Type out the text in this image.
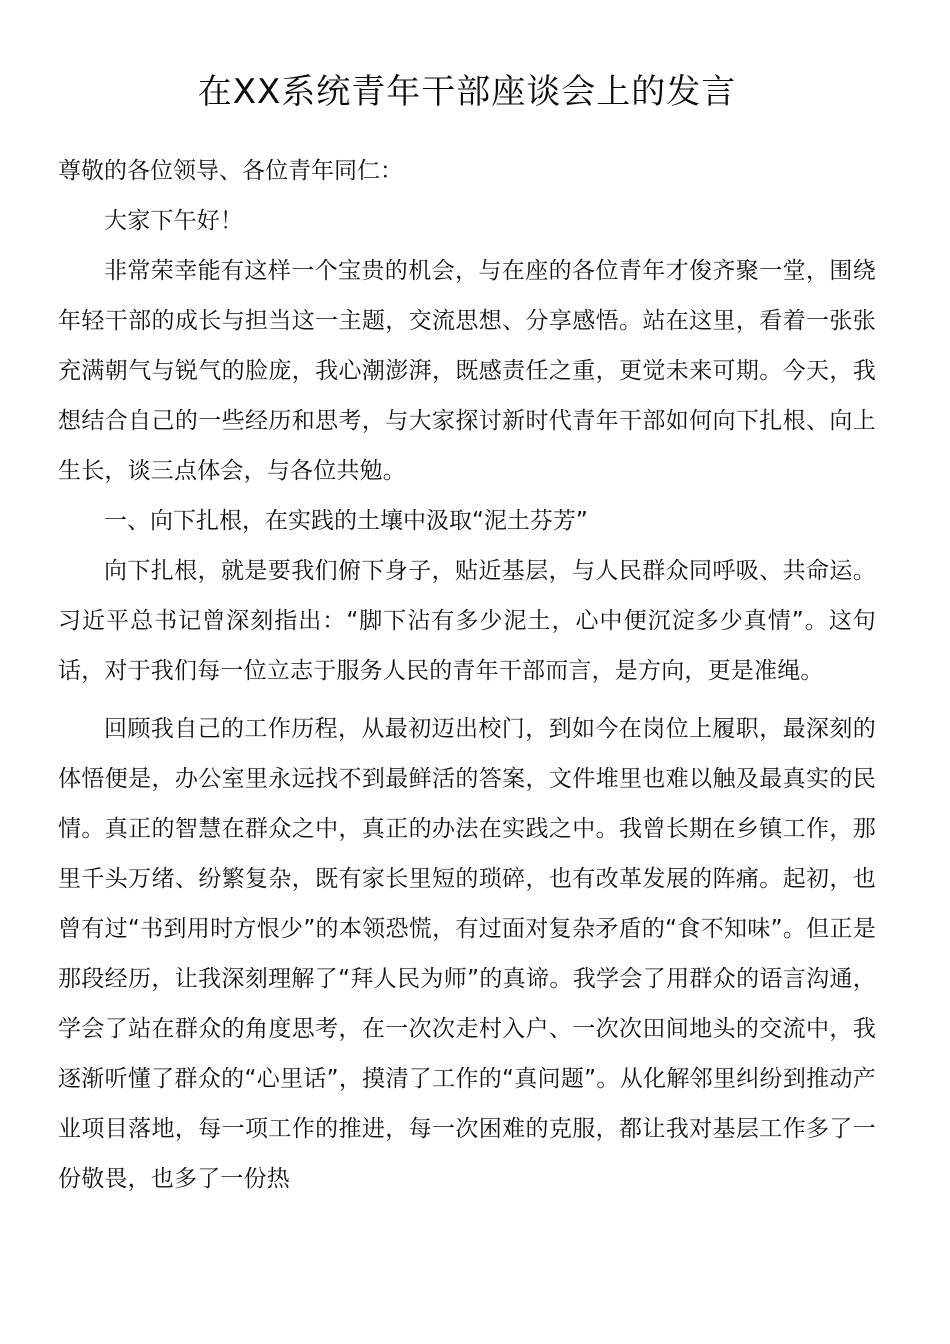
在XX系统青年干部座谈会上的发言

尊敬的各位领导、各位青年同仁：

大家下午好！

非常荣幸能有这样一个宝贵的机会，与在座的各位青年才俊齐聚一堂，围绕年轻干部的成长与担当这一主题，交流思想、分享感悟。站在这里，看着一张张充满朝气与锐气的脸庞，我心潮澎湃，既感责任之重，更觉未来可期。今天，我想结合自己的一些经历和思考，与大家探讨新时代青年干部如何向下扎根、向上生长，谈三点体会，与各位共勉。

一、向下扎根，在实践的土壤中汲取“泥土芬芳”

向下扎根，就是要我们俯下身子，贴近基层，与人民群众同呼吸、共命运。习近平总书记曾深刻指出：“脚下沾有多少泥土，心中便沉淀多少真情”。这句话，对于我们每一位立志于服务人民的青年干部而言，是方向，更是准绳。

回顾我自己的工作历程，从最初迈出校门，到如今在岗位上履职，最深刻的体悟便是，办公室里永远找不到最鲜活的答案，文件堆里也难以触及最真实的民情。真正的智慧在群众之中，真正的办法在实践之中。我曾长期在乡镇工作，那里千头万绪、纷繁复杂，既有家长里短的琐碎，也有改革发展的阵痛。起初，也曾有过“书到用时方恨少”的本领恐慌，有过面对复杂矛盾的“食不知味”。但正是那段经历，让我深刻理解了“拜人民为师”的真谛。我学会了用群众的语言沟通，学会了站在群众的角度思考，在一次次走村入户、一次次田间地头的交流中，我逐渐听懂了群众的“心里话”，摸清了工作的“真问题”。从化解邻里纠纷到推动产业项目落地，每一项工作的推进，每一次困难的克服，都让我对基层工作多了一份敬畏，也多了一份热
